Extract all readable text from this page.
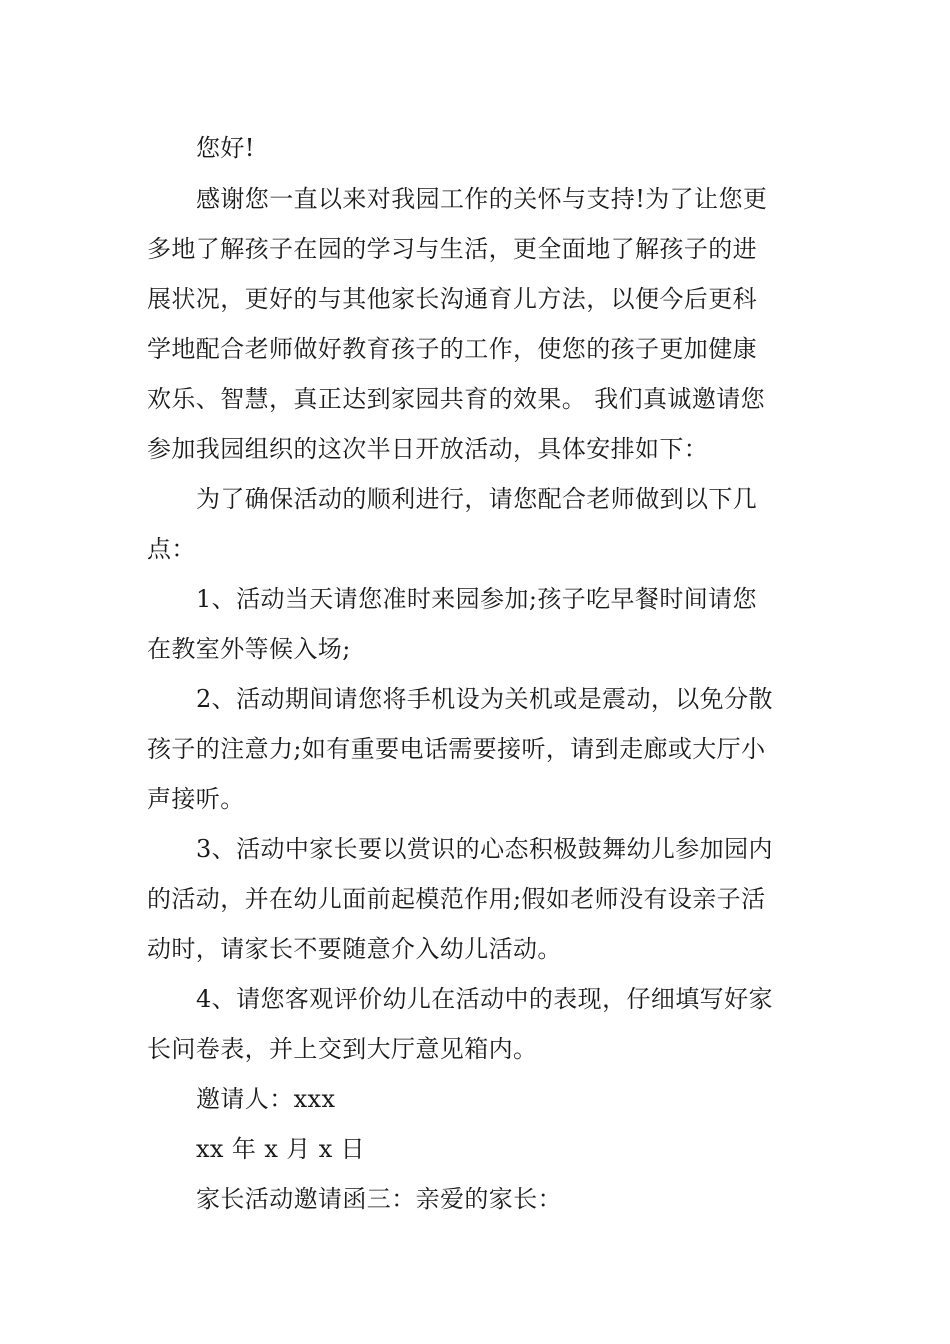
您好!

感谢您一直以来对我园工作的关怀与支持!为了让您更

多地了解孩子在园的学习与生活，更全面地了解孩子的进

展状况，更好的与其他家长沟通育儿方法，以便今后更科

学地配合老师做好教育孩子的工作，使您的孩子更加健康

欢乐、智慧，真正达到家园共育的效果。 我们真诚邀请您

参加我园组织的这次半日开放活动，具体安排如下：

为了确保活动的顺利进行，请您配合老师做到以下几

点：

1、活动当天请您准时来园参加;孩子吃早餐时间请您

在教室外等候入场;

2、活动期间请您将手机设为关机或是震动，以免分散

孩子的注意力;如有重要电话需要接听，请到走廊或大厅小

声接听。

3、活动中家长要以赏识的心态积极鼓舞幼儿参加园内

的活动，并在幼儿面前起模范作用;假如老师没有设亲子活

动时，请家长不要随意介入幼儿活动。

4、请您客观评价幼儿在活动中的表现，仔细填写好家

长问卷表，并上交到大厅意见箱内。

邀请人：xxx

xx 年 x 月 x 日

家长活动邀请函三：亲爱的家长：
